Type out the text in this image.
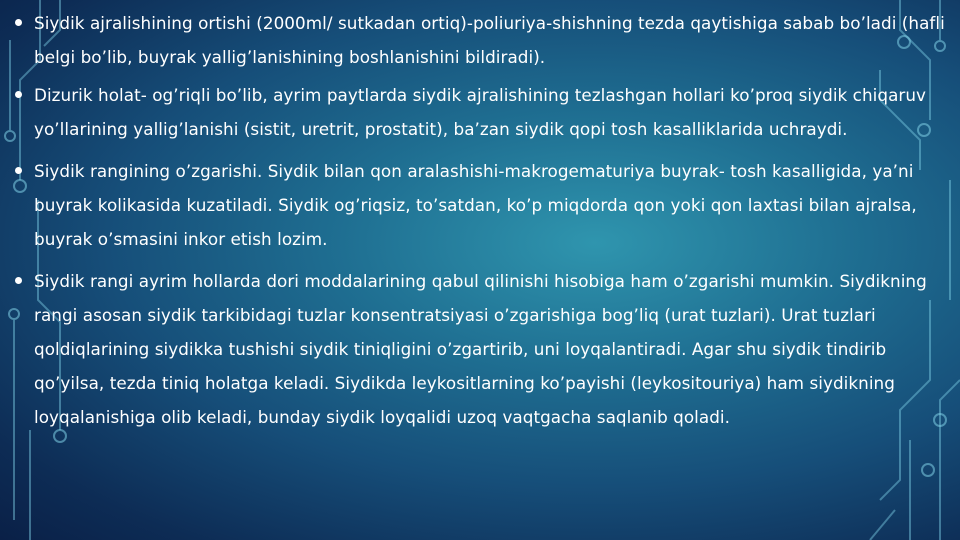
Siydik ajralishining ortishi (2000ml/ sutkadan ortiq)-poliuriya-shishning tezda qaytishiga sabab bo’ladi (hafli belgi bo’lib, buyrak yallig’lanishining boshlanishini bildiradi).
Dizurik holat- og’riqli bo’lib, ayrim paytlarda siydik ajralishining tezlashgan hollari ko’proq siydik chiqaruv yo’llarining yallig’lanishi (sistit, uretrit, prostatit), ba’zan siydik qopi tosh kasalliklarida uchraydi.
Siydik rangining o’zgarishi. Siydik bilan qon aralashishi-makrogematuriya buyrak- tosh kasalligida, ya’ni buyrak kolikasida kuzatiladi. Siydik og’riqsiz, to’satdan, ko’p miqdorda qon yoki qon laxtasi bilan ajralsa, buyrak o’smasini inkor etish lozim.
Siydik rangi ayrim hollarda dori moddalarining qabul qilinishi hisobiga ham o’zgarishi mumkin. Siydikning rangi asosan siydik tarkibidagi tuzlar konsentratsiyasi o’zgarishiga bog’liq (urat tuzlari). Urat tuzlari qoldiqlarining siydikka tushishi siydik tiniqligini o’zgartirib, uni loyqalantiradi. Agar shu siydik tindirib qo’yilsa, tezda tiniq holatga keladi. Siydikda leykositlarning ko’payishi (leykositouriya) ham siydikning loyqalanishiga olib keladi, bunday siydik loyqalidi uzoq vaqtgacha saqlanib qoladi.
